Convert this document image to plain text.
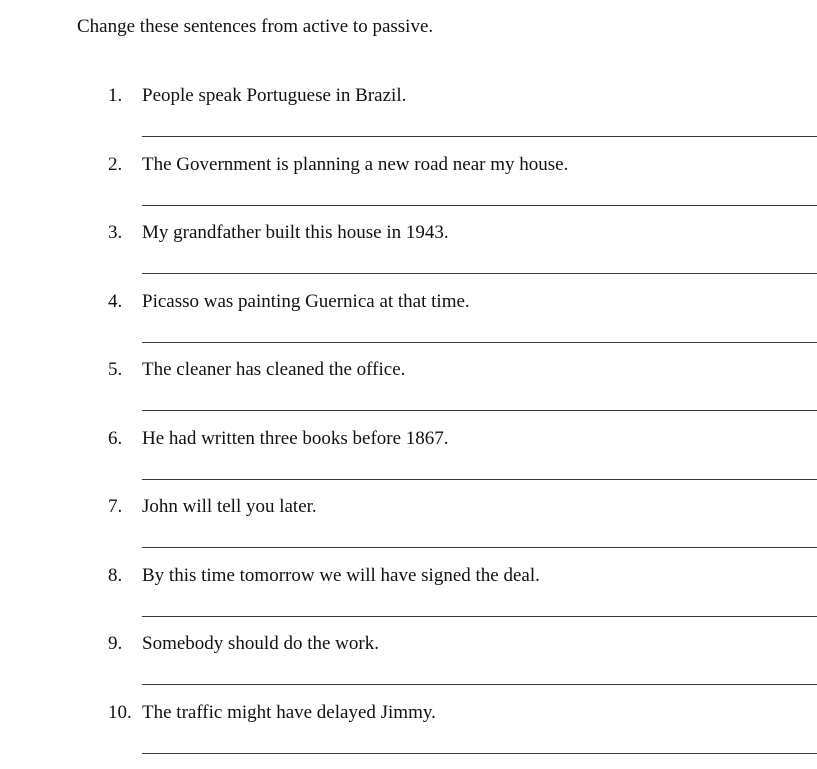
Change these sentences from active to passive.
1. People speak Portuguese in Brazil.
2. The Government is planning a new road near my house.
3. My grandfather built this house in 1943.
4. Picasso was painting Guernica at that time.
5. The cleaner has cleaned the office.
6. He had written three books before 1867.
7. John will tell you later.
8. By this time tomorrow we will have signed the deal.
9. Somebody should do the work.
10. The traffic might have delayed Jimmy.
